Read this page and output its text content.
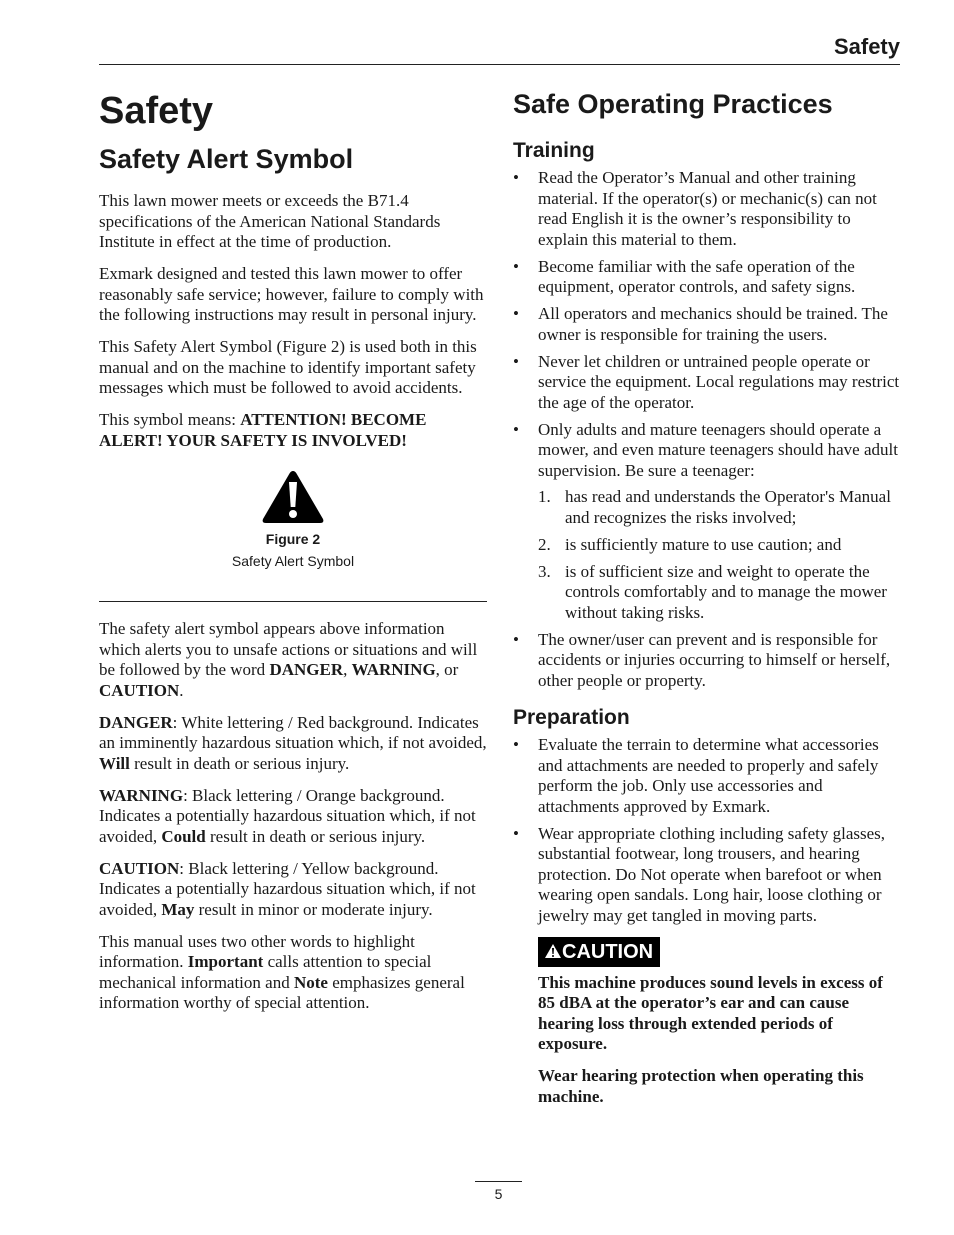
Safety
Safety
Safety Alert Symbol

This lawn mower meets or exceeds the B71.4 specifications of the American National Standards Institute in effect at the time of production.

Exmark designed and tested this lawn mower to offer reasonably safe service; however, failure to comply with the following instructions may result in personal injury.

This Safety Alert Symbol (Figure 2) is used both in this manual and on the machine to identify important safety messages which must be followed to avoid accidents.

This symbol means: ATTENTION! BECOME ALERT! YOUR SAFETY IS INVOLVED!

Figure 2
Safety Alert Symbol

The safety alert symbol appears above information which alerts you to unsafe actions or situations and will be followed by the word DANGER, WARNING, or CAUTION.

DANGER: White lettering / Red background. Indicates an imminently hazardous situation which, if not avoided, Will result in death or serious injury.

WARNING: Black lettering / Orange background. Indicates a potentially hazardous situation which, if not avoided, Could result in death or serious injury.

CAUTION: Black lettering / Yellow background. Indicates a potentially hazardous situation which, if not avoided, May result in minor or moderate injury.

This manual uses two other words to highlight information. Important calls attention to special mechanical information and Note emphasizes general information worthy of special attention.

Safe Operating Practices
Training
• Read the Operator’s Manual and other training material. If the operator(s) or mechanic(s) can not read English it is the owner’s responsibility to explain this material to them.
• Become familiar with the safe operation of the equipment, operator controls, and safety signs.
• All operators and mechanics should be trained. The owner is responsible for training the users.
• Never let children or untrained people operate or service the equipment. Local regulations may restrict the age of the operator.
• Only adults and mature teenagers should operate a mower, and even mature teenagers should have adult supervision. Be sure a teenager:
1. has read and understands the Operator's Manual and recognizes the risks involved;
2. is sufficiently mature to use caution; and
3. is of sufficient size and weight to operate the controls comfortably and to manage the mower without taking risks.
• The owner/user can prevent and is responsible for accidents or injuries occurring to himself or herself, other people or property.
Preparation
• Evaluate the terrain to determine what accessories and attachments are needed to properly and safely perform the job. Only use accessories and attachments approved by Exmark.
• Wear appropriate clothing including safety glasses, substantial footwear, long trousers, and hearing protection. Do Not operate when barefoot or when wearing open sandals. Long hair, loose clothing or jewelry may get tangled in moving parts.
CAUTION

This machine produces sound levels in excess of 85 dBA at the operator’s ear and can cause hearing loss through extended periods of exposure.

Wear hearing protection when operating this machine.

5
